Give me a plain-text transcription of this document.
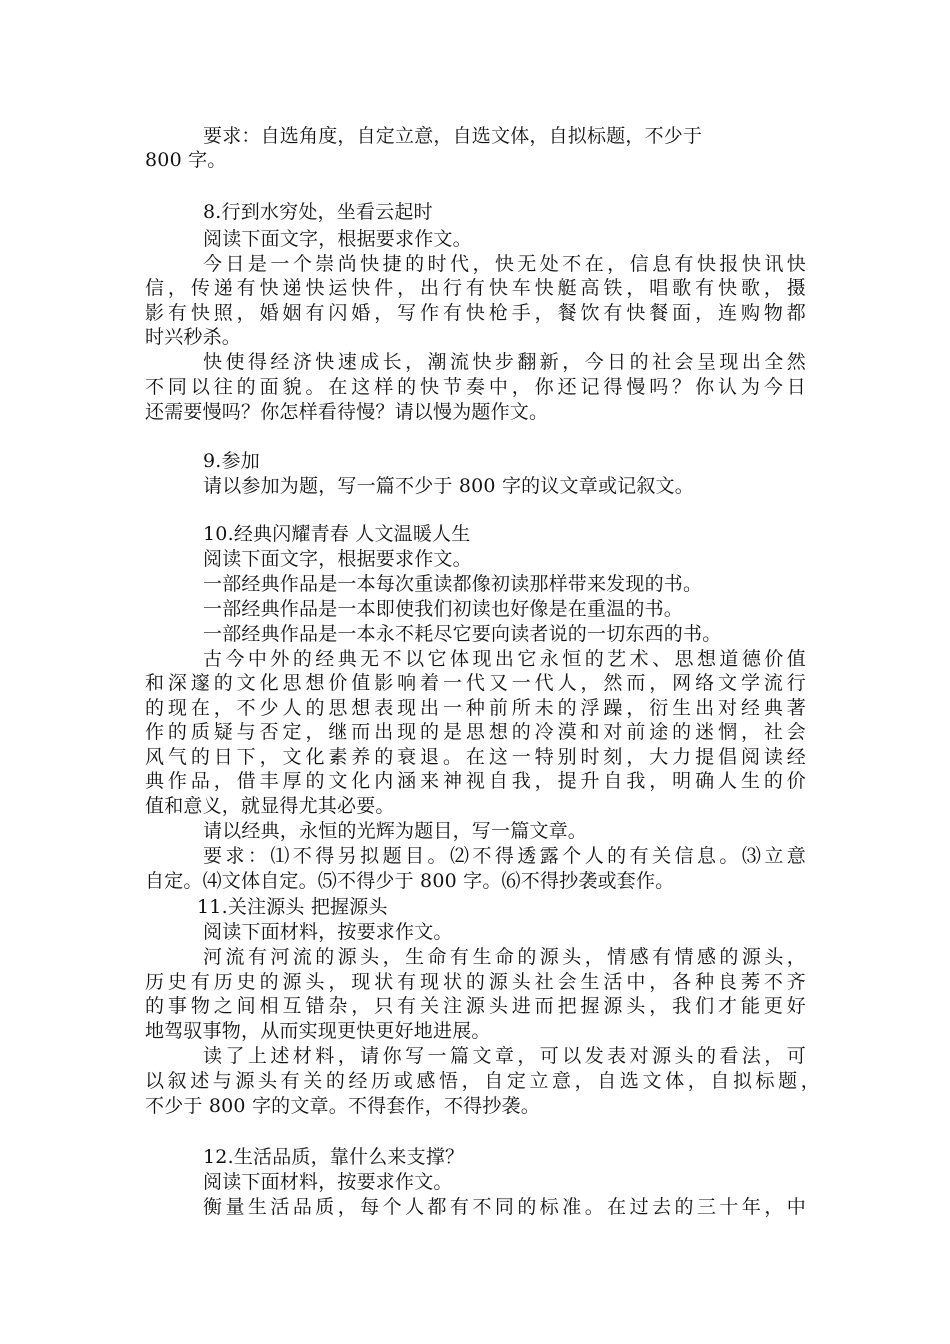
要求：自选角度，自定立意，自选文体，自拟标题，不少于
800 字。
8.行到水穷处，坐看云起时
阅读下面文字，根据要求作文。
今日是一个崇尚快捷的时代，快无处不在，信息有快报快讯快
信，传递有快递快运快件，出行有快车快艇高铁，唱歌有快歌，摄
影有快照，婚姻有闪婚，写作有快枪手，餐饮有快餐面，连购物都
时兴秒杀。
快使得经济快速成长，潮流快步翻新，今日的社会呈现出全然
不同以往的面貌。在这样的快节奏中，你还记得慢吗？你认为今日
还需要慢吗？你怎样看待慢？请以慢为题作文。
9.参加
请以参加为题，写一篇不少于 800 字的议文章或记叙文。
10.经典闪耀青春 人文温暖人生
阅读下面文字，根据要求作文。
一部经典作品是一本每次重读都像初读那样带来发现的书。
一部经典作品是一本即使我们初读也好像是在重温的书。
一部经典作品是一本永不耗尽它要向读者说的一切东西的书。
古今中外的经典无不以它体现出它永恒的艺术、思想道德价值
和深邃的文化思想价值影响着一代又一代人，然而，网络文学流行
的现在，不少人的思想表现出一种前所未的浮躁，衍生出对经典著
作的质疑与否定，继而出现的是思想的冷漠和对前途的迷惘，社会
风气的日下，文化素养的衰退。在这一特别时刻，大力提倡阅读经
典作品，借丰厚的文化内涵来神视自我，提升自我，明确人生的价
值和意义，就显得尤其必要。
请以经典，永恒的光辉为题目，写一篇文章。
要求：⑴不得另拟题目。⑵不得透露个人的有关信息。⑶立意
自定。⑷文体自定。⑸不得少于 800 字。⑹不得抄袭或套作。
11.关注源头 把握源头
阅读下面材料，按要求作文。
河流有河流的源头，生命有生命的源头，情感有情感的源头，
历史有历史的源头，现状有现状的源头社会生活中，各种良莠不齐
的事物之间相互错杂，只有关注源头进而把握源头，我们才能更好
地驾驭事物，从而实现更快更好地进展。
读了上述材料，请你写一篇文章，可以发表对源头的看法，可
以叙述与源头有关的经历或感悟，自定立意，自选文体，自拟标题，
不少于 800 字的文章。不得套作，不得抄袭。
12.生活品质，靠什么来支撑？
阅读下面材料，按要求作文。
衡量生活品质，每个人都有不同的标准。在过去的三十年，中
